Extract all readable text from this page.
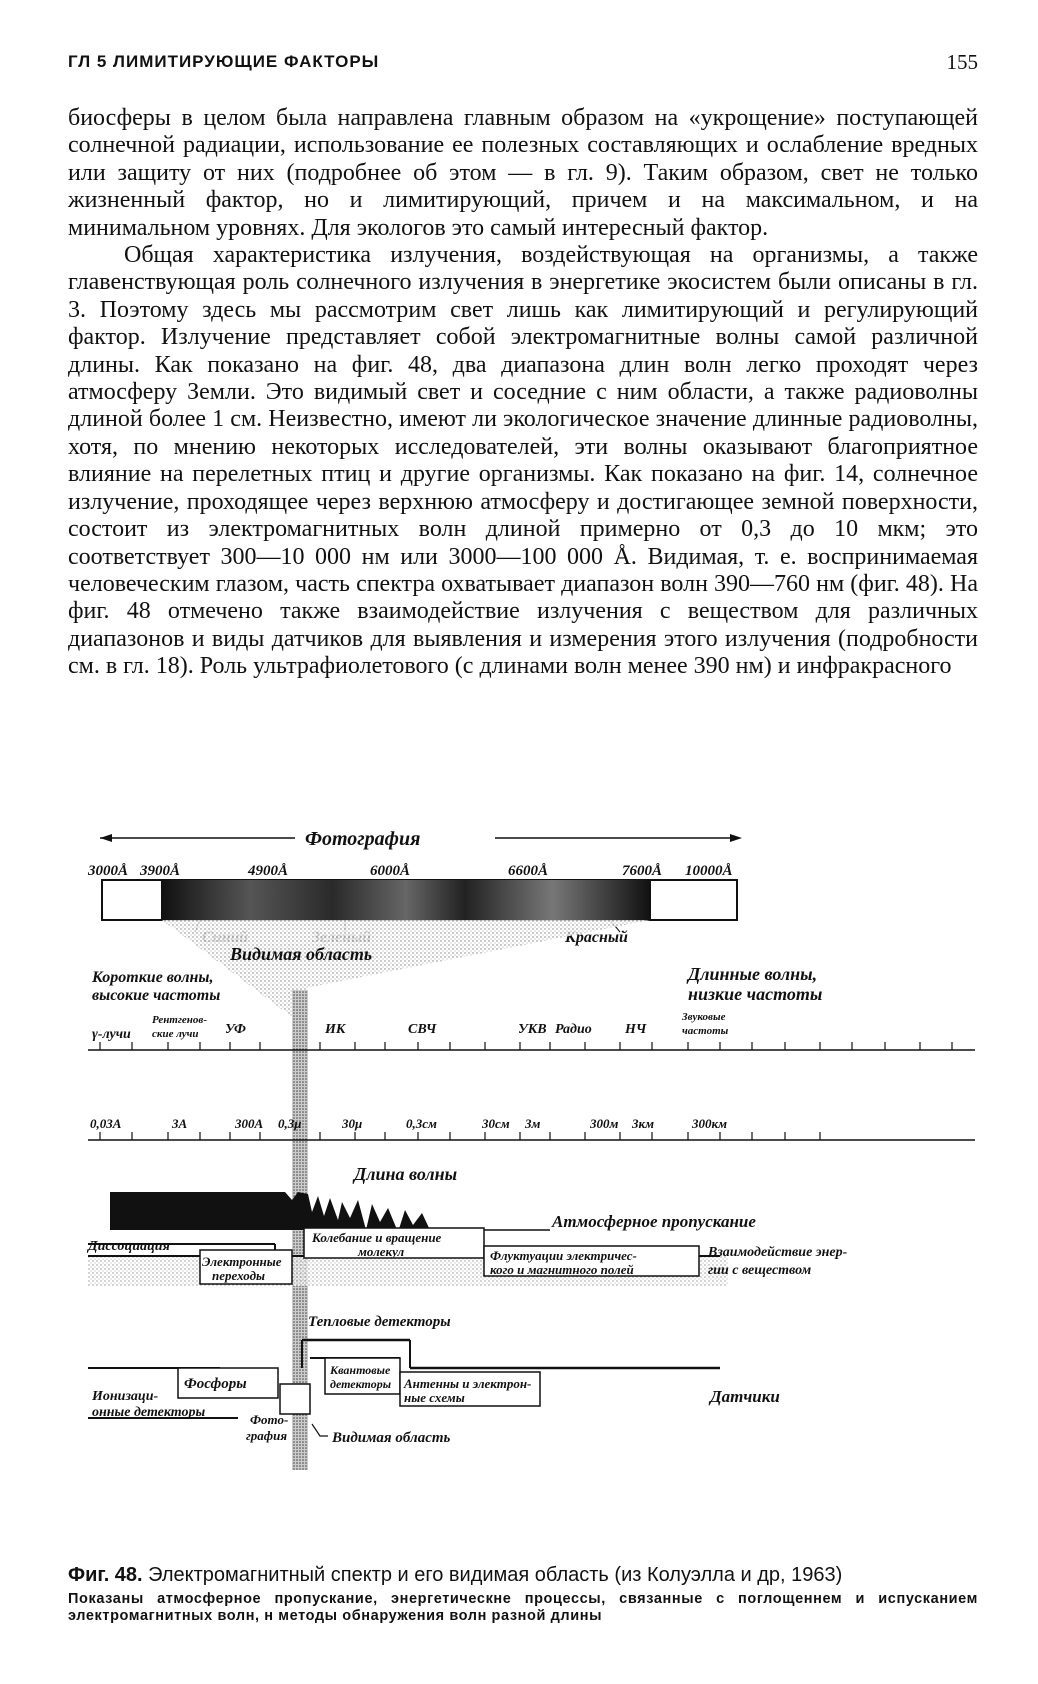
ГЛ 5 ЛИМИТИРУЮЩИЕ ФАКТОРЫ	155

биосферы в целом была направлена главным образом на «укрощение» поступающей солнечной радиации, использование ее полезных составляющих и ослабление вредных или защиту от них (подробнее об этом — в гл. 9). Таким образом, свет не только жизненный фактор, но и лимитирующий, причем и на максимальном, и на минимальном уровнях. Для экологов это самый интересный фактор.

Общая характеристика излучения, воздействующая на организмы, а также главенствующая роль солнечного излучения в энергетике экосистем были описаны в гл. 3. Поэтому здесь мы рассмотрим свет лишь как лимитирующий и регулирующий фактор. Излучение представляет собой электромагнитные волны самой различной длины. Как показано на фиг. 48, два диапазона длин волн легко проходят через атмосферу Земли. Это видимый свет и соседние с ним области, а также радиоволны длиной более 1 см. Неизвестно, имеют ли экологическое значение длинные радиоволны, хотя, по мнению некоторых исследователей, эти волны оказывают благоприятное влияние на перелетных птиц и другие организмы. Как показано на фиг. 14, солнечное излучение, проходящее через верхнюю атмосферу и достигающее земной поверхности, состоит из электромагнитных волн длиной примерно от 0,3 до 10 мкм; это соответствует 300—10 000 нм или 3000—100 000 Å. Видимая, т. е. воспринимаемая человеческим глазом, часть спектра охватывает диапазон волн 390—760 нм (фиг. 48). На фиг. 48 отмечено также взаимодействие излучения с веществом для различных диапазонов и виды датчиков для выявления и измерения этого излучения (подробности см. в гл. 18). Роль ультрафиолетового (с длинами волн менее 390 нм) и инфракрасного

Фотография
3000Å 3900Å	4900Å	6000Å	6600Å	7600Å 10000Å
Красный
Видимая область
Короткие волны,
высокие частоты
Длинные волны,
низкие частоты
γ-лучи
Рентгенов-
ские лучи УФ	ИК	СВЧ	УКВ Радио НЧ
Звуковые
частоты
0,03A	3A	300A 0,3μ	30μ	0,3см	30см 3м	300м 3км	300км
Длина волны
Атмосферное пропускание
Диссоциация
Электронные
переходы
Колебание и вращение
молекул	Флуктуации электричес-
кого и магнитного полей
Взаимодействие энер-
гии с веществом
Тепловые детекторы
Фосфоры
Квантовые
детекторы Антенны и электрон-
ные схемы
Ионизаци-
онные детекторы	Фото-
графия	Видимая область
Датчики
Фиг. 48. Электромагнитный спектр и его видимая область (из Колуэлла и др, 1963)
Показаны атмосферное пропускание, энергетическне процессы, связанные с поглощеннем и испусканием электромагнитных волн, н методы обнаружения волн разной длины
